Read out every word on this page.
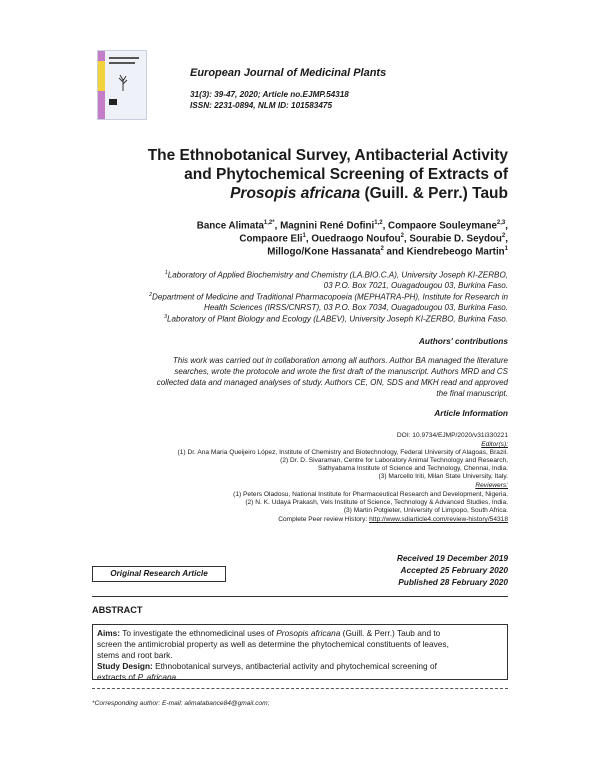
European Journal of Medicinal Plants
31(3): 39-47, 2020; Article no.EJMP.54318
ISSN: 2231-0894, NLM ID: 101583475
The Ethnobotanical Survey, Antibacterial Activity
and Phytochemical Screening of Extracts of
Prosopis africana (Guill. & Perr.) Taub
Bance Alimata$^{1,2*}$, Magnini René Dofini$^{1,2}$, Compaore Souleymane$^{2,3}$,
Compaore Eli$^1$, Ouedraogo Noufou$^2$, Sourabie D. Seydou$^2$,
Millogo/Kone Hassanata$^2$ and Kiendrebeogo Martin$^1$
$^1$Laboratory of Applied Biochemistry and Chemistry (LA.BIO.C.A), University Joseph KI-ZERBO,
03 P.O. Box 7021, Ouagadougou 03, Burkina Faso.
$^2$Department of Medicine and Traditional Pharmacopoeia (MEPHATRA-PH), Institute for Research in
Health Sciences (IRSS/CNRST), 03 P.O. Box 7034, Ouagadougou 03, Burkina Faso.
$^3$Laboratory of Plant Biology and Ecology (LABEV), University Joseph KI-ZERBO, Burkina Faso.
Authors' contributions
This work was carried out in collaboration among all authors. Author BA managed the literature
searches, wrote the protocole and wrote the first draft of the manuscript. Authors MRD and CS
collected data and managed analyses of study. Authors CE, ON, SDS and MKH read and approved
the final manuscript.
Article Information
DOI: 10.9734/EJMP/2020/v31i330221
Editor(s):
(1) Dr. Ana Maria Queijeiro López, Institute of Chemistry and Biotechnology, Federal University of Alagoas, Brazil.
(2) Dr. D. Sivaraman, Centre for Laboratory Animal Technology and Research,
Sathyabama Institute of Science and Technology, Chennai, India.
(3) Marcello Iriti, Milan State University, Italy.
Reviewers:
(1) Peters Oladosu, National Institute for Pharmaceutical Research and Development, Nigeria.
(2) N. K. Udaya Prakash, Vels Institute of Science, Technology & Advanced Studies, India.
(3) Martin Potgieter, University of Limpopo, South Africa.
Complete Peer review History: http://www.sdiarticle4.com/review-history/54318
Received 19 December 2019
Accepted 25 February 2020
Published 28 February 2020
Original Research Article
ABSTRACT
Aims: To investigate the ethnomedicinal uses of Prosopis africana (Guill. & Perr.) Taub and to
screen the antimicrobial property as well as determine the phytochemical constituents of leaves,
stems and root bark.
Study Design: Ethnobotanical surveys, antibacterial activity and phytochemical screening of
extracts of P. africana.
*Corresponding author: E-mail: alimatabance84@gmail.com;
